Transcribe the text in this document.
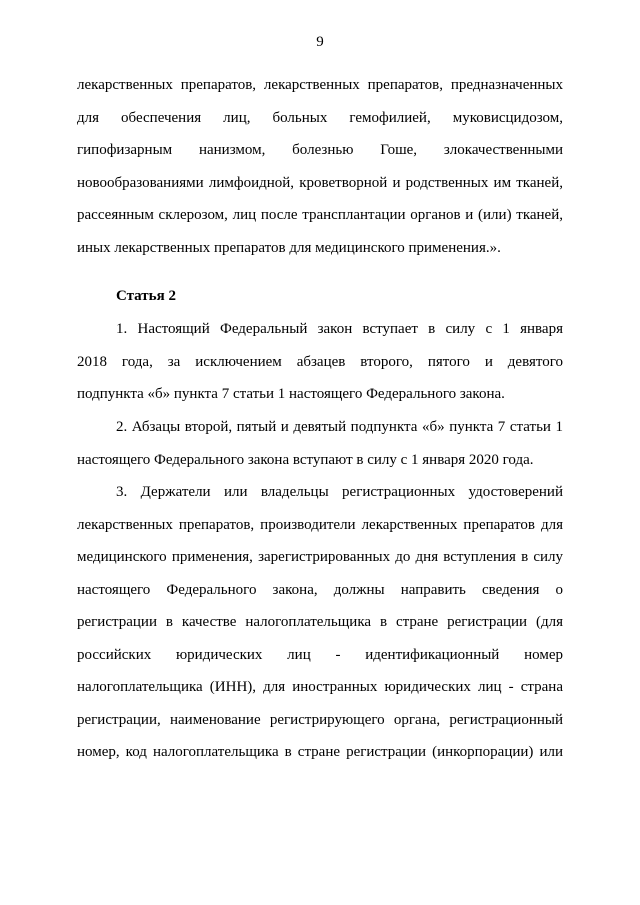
9
лекарственных препаратов, лекарственных препаратов, предназначенных
для обеспечения лиц, больных гемофилией, муковисцидозом,
гипофизарным нанизмом, болезнью Гоше, злокачественными
новообразованиями лимфоидной, кроветворной и родственных им тканей,
рассеянным склерозом, лиц после трансплантации органов и (или) тканей,
иных лекарственных препаратов для медицинского применения.».
Статья 2
1. Настоящий Федеральный закон вступает в силу с 1 января
2018 года, за исключением абзацев второго, пятого и девятого
подпункта «б» пункта 7 статьи 1 настоящего Федерального закона.
2. Абзацы второй, пятый и девятый подпункта «б» пункта 7 статьи 1
настоящего Федерального закона вступают в силу с 1 января 2020 года.
3. Держатели или владельцы регистрационных удостоверений
лекарственных препаратов, производители лекарственных препаратов для
медицинского применения, зарегистрированных до дня вступления в силу
настоящего Федерального закона, должны направить сведения о
регистрации в качестве налогоплательщика в стране регистрации (для
российских юридических лиц - идентификационный номер
налогоплательщика (ИНН), для иностранных юридических лиц - страна
регистрации, наименование регистрирующего органа, регистрационный
номер, код налогоплательщика в стране регистрации (инкорпорации) или
